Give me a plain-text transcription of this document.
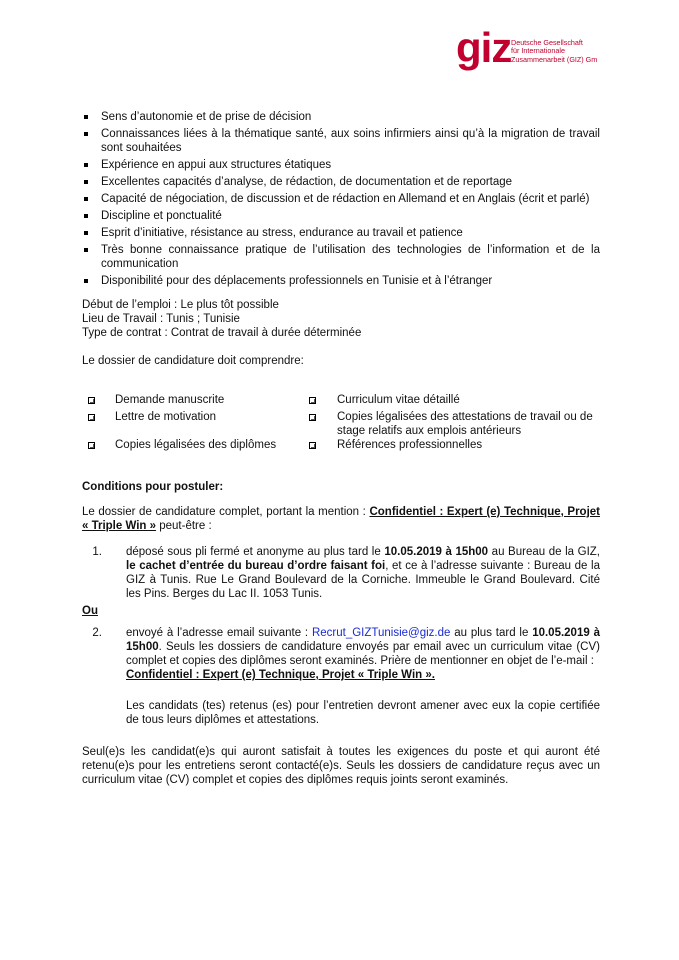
giz Deutsche Gesellschaft
für Internationale
Zusammenarbeit (GIZ) Gm
Sens d’autonomie et de prise de décision
Connaissances liées à la thématique santé, aux soins infirmiers ainsi qu’à la migration de travail sont souhaitées
Expérience en appui aux structures étatiques
Excellentes capacités d’analyse, de rédaction, de documentation et de reportage
Capacité de négociation, de discussion et de rédaction en Allemand et en Anglais (écrit et parlé)
Discipline et ponctualité
Esprit d’initiative, résistance au stress, endurance au travail et patience
Très bonne connaissance pratique de l’utilisation des technologies de l’information et de la communication
Disponibilité pour des déplacements professionnels en Tunisie et à l’étranger
Début de l’emploi : Le plus tôt possible
Lieu de Travail : Tunis ; Tunisie
Type de contrat : Contrat de travail à durée déterminée
Le dossier de candidature doit comprendre:
Demande manuscrite
Lettre de motivation
Copies légalisées des diplômes
Curriculum vitae détaillé
Copies légalisées des attestations de travail ou de stage relatifs aux emplois antérieurs
Références professionnelles
Conditions pour postuler:
Le dossier de candidature complet, portant la mention : Confidentiel : Expert (e) Technique, Projet « Triple Win » peut-être :
1. déposé sous pli fermé et anonyme au plus tard le 10.05.2019 à 15h00 au Bureau de la GIZ, le cachet d’entrée du bureau d’ordre faisant foi, et ce à l’adresse suivante : Bureau de la GIZ à Tunis. Rue Le Grand Boulevard de la Corniche. Immeuble le Grand Boulevard. Cité les Pins. Berges du Lac II. 1053 Tunis.
Ou
2. envoyé à l’adresse email suivante : Recrut_GIZTunisie@giz.de au plus tard le 10.05.2019 à 15h00. Seuls les dossiers de candidature envoyés par email avec un curriculum vitae (CV) complet et copies des diplômes seront examinés. Prière de mentionner en objet de l’e-mail :
Confidentiel : Expert (e) Technique, Projet « Triple Win ».
Les candidats (tes) retenus (es) pour l’entretien devront amener avec eux la copie certifiée de tous leurs diplômes et attestations.
Seul(e)s les candidat(e)s qui auront satisfait à toutes les exigences du poste et qui auront été retenu(e)s pour les entretiens seront contacté(e)s. Seuls les dossiers de candidature reçus avec un curriculum vitae (CV) complet et copies des diplômes requis joints seront examinés.
